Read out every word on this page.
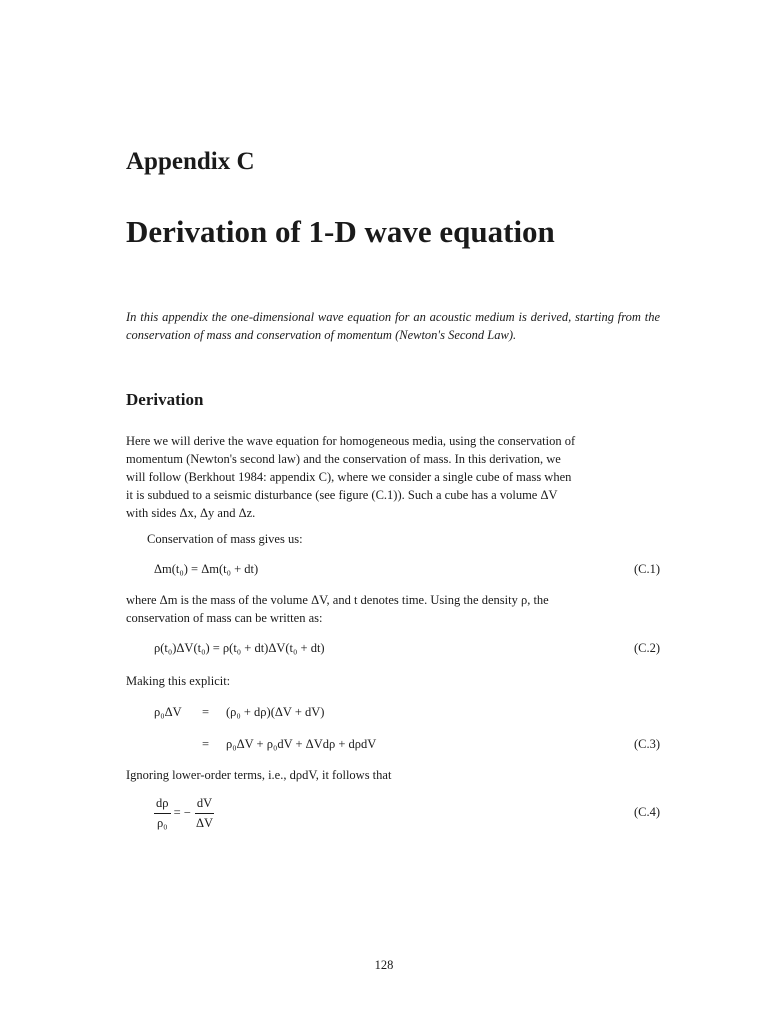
Appendix C
Derivation of 1-D wave equation
In this appendix the one-dimensional wave equation for an acoustic medium is derived, starting from the conservation of mass and conservation of momentum (Newton's Second Law).
Derivation
Here we will derive the wave equation for homogeneous media, using the conservation of
momentum (Newton's second law) and the conservation of mass. In this derivation, we
will follow (Berkhout 1984: appendix C), where we consider a single cube of mass when
it is subdued to a seismic disturbance (see figure (C.1)). Such a cube has a volume ΔV
with sides Δx, Δy and Δz.
Conservation of mass gives us:
Δm(t₀) = Δm(t₀ + dt)	(C.1)
where Δm is the mass of the volume ΔV, and t denotes time. Using the density ρ, the
conservation of mass can be written as:
ρ(t₀)ΔV(t₀) = ρ(t₀ + dt)ΔV(t₀ + dt)	(C.2)
Making this explicit:
ρ₀ΔV = (ρ₀ + dρ)(ΔV + dV)
= ρ₀ΔV + ρ₀dV + ΔVdρ + dρdV	(C.3)
Ignoring lower-order terms, i.e., dρdV, it follows that
$\frac{d\rho}{\text{ρ₀}}$ = − $\frac{dV}{\Delta V}$	(C.4)
128
